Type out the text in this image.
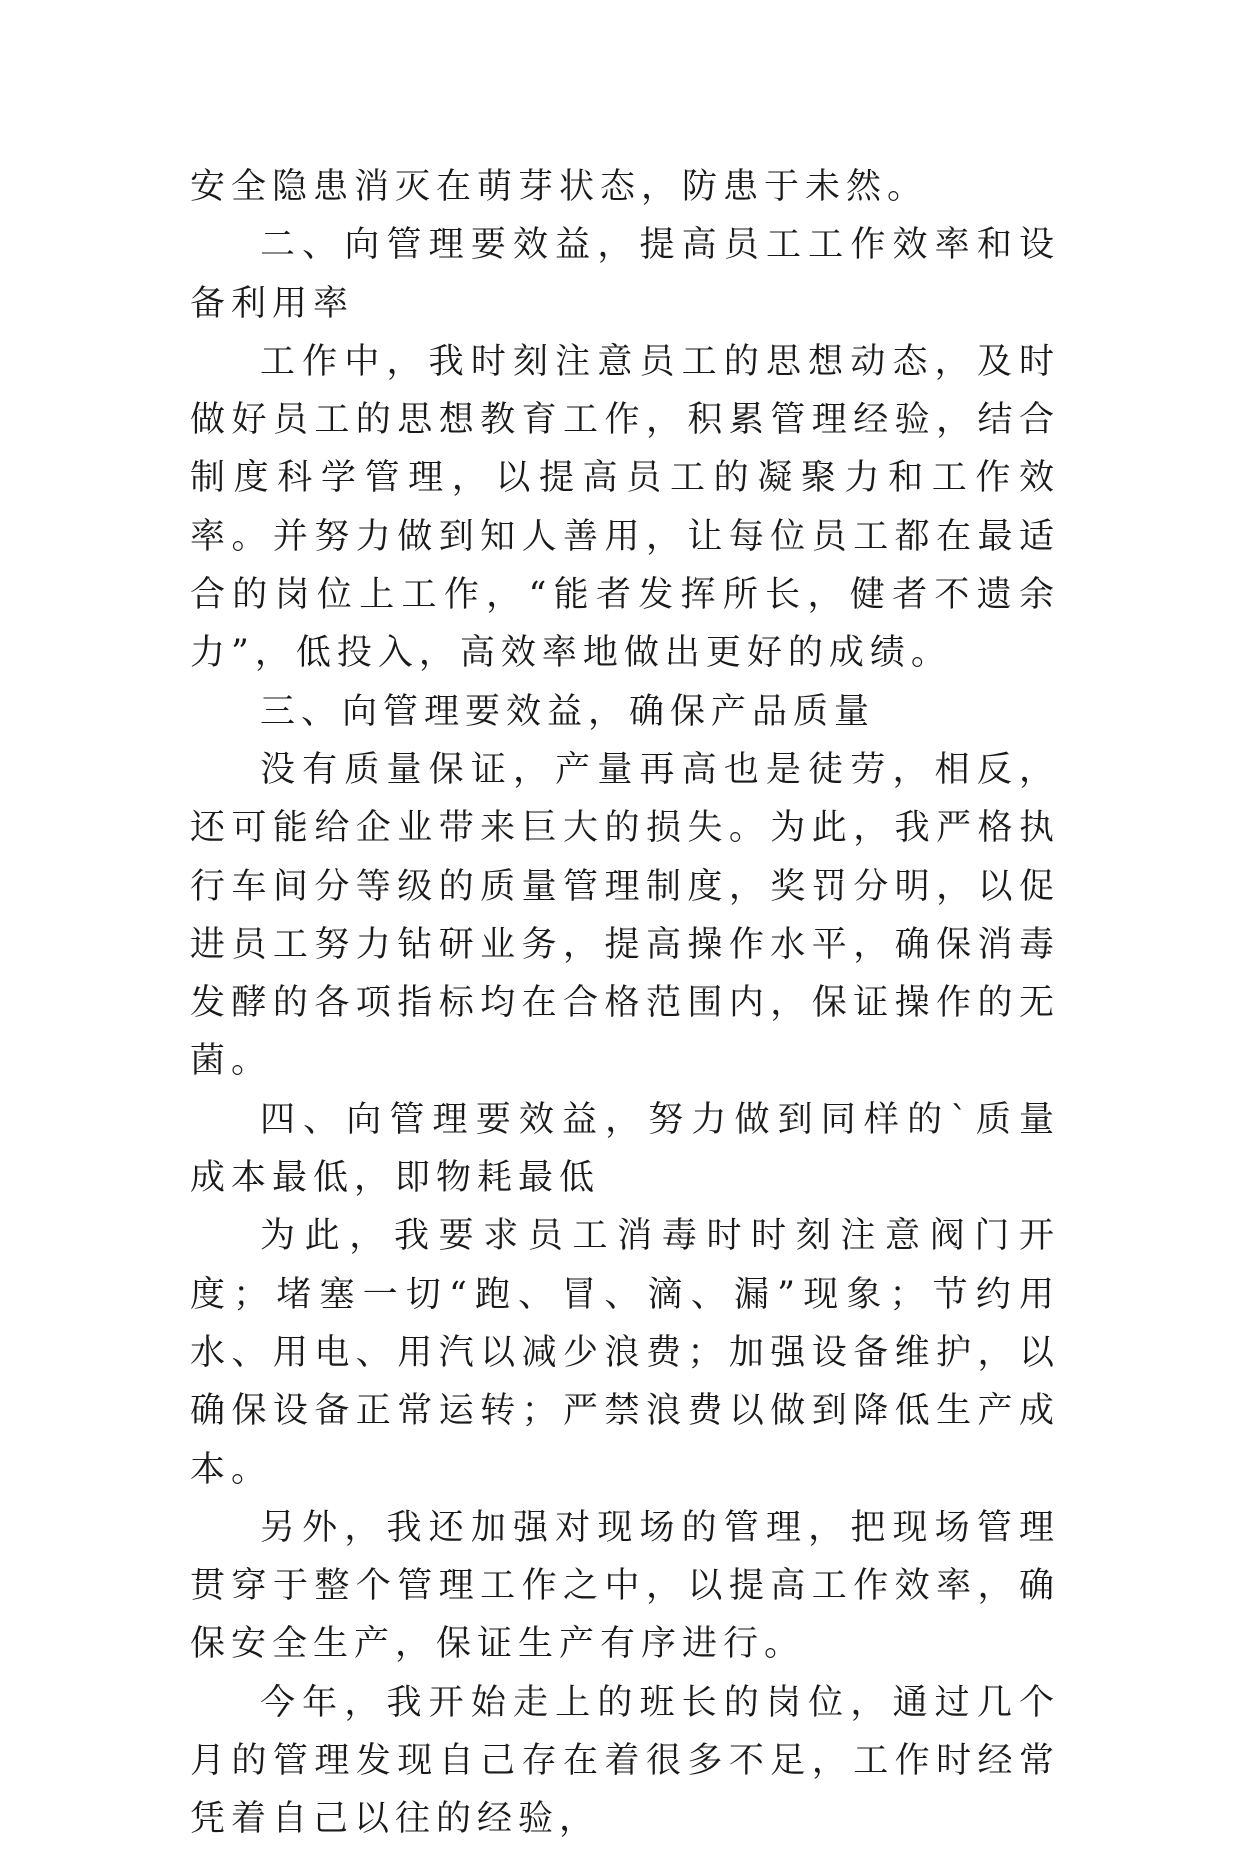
安全隐患消灭在萌芽状态，防患于未然。

二、向管理要效益，提高员工工作效率和设备利用率

工作中，我时刻注意员工的思想动态，及时做好员工的思想教育工作，积累管理经验，结合制度科学管理，以提高员工的凝聚力和工作效率。并努力做到知人善用，让每位员工都在最适合的岗位上工作，“能者发挥所长，健者不遗余力”，低投入，高效率地做出更好的成绩。

三、向管理要效益，确保产品质量

没有质量保证，产量再高也是徒劳，相反，还可能给企业带来巨大的损失。为此，我严格执行车间分等级的质量管理制度，奖罚分明，以促进员工努力钻研业务，提高操作水平，确保消毒发酵的各项指标均在合格范围内，保证操作的无菌。

四、向管理要效益，努力做到同样的`质量成本最低，即物耗最低

为此，我要求员工消毒时时刻注意阀门开度；堵塞一切“跑、冒、滴、漏”现象；节约用水、用电、用汽以减少浪费；加强设备维护，以确保设备正常运转；严禁浪费以做到降低生产成本。

另外，我还加强对现场的管理，把现场管理贯穿于整个管理工作之中，以提高工作效率，确保安全生产，保证生产有序进行。

今年，我开始走上的班长的岗位，通过几个月的管理发现自己存在着很多不足，工作时经常凭着自己以往的经验，
